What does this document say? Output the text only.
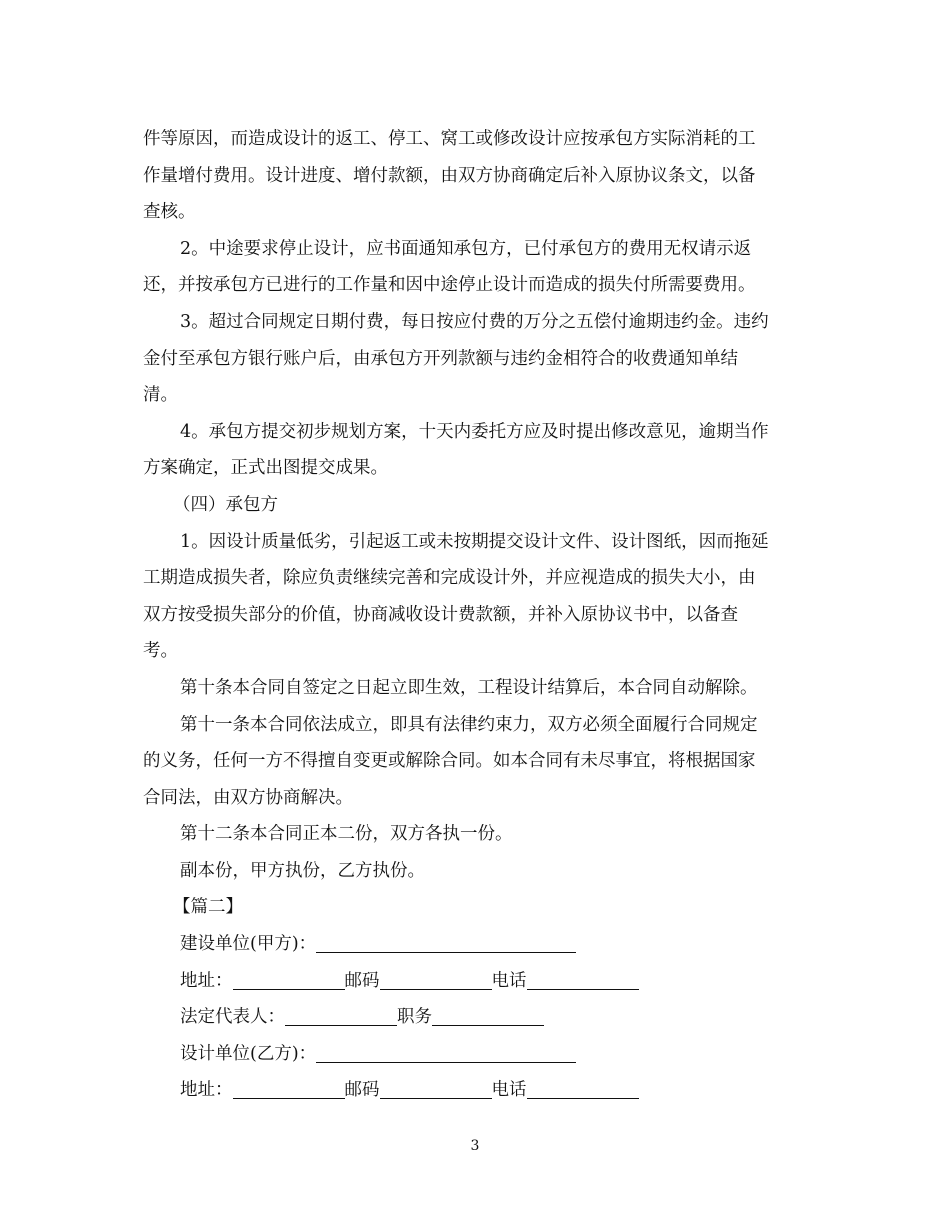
件等原因，而造成设计的返工、停工、窝工或修改设计应按承包方实际消耗的工

作量增付费用。设计进度、增付款额，由双方协商确定后补入原协议条文，以备

查核。

2。中途要求停止设计，应书面通知承包方，已付承包方的费用无权请示返

还，并按承包方已进行的工作量和因中途停止设计而造成的损失付所需要费用。

3。超过合同规定日期付费，每日按应付费的万分之五偿付逾期违约金。违约

金付至承包方银行账户后，由承包方开列款额与违约金相符合的收费通知单结

清。

4。承包方提交初步规划方案，十天内委托方应及时提出修改意见，逾期当作

方案确定，正式出图提交成果。

（四）承包方

1。因设计质量低劣，引起返工或未按期提交设计文件、设计图纸，因而拖延

工期造成损失者，除应负责继续完善和完成设计外，并应视造成的损失大小，由

双方按受损失部分的价值，协商减收设计费款额，并补入原协议书中，以备查

考。

第十条本合同自签定之日起立即生效，工程设计结算后，本合同自动解除。

第十一条本合同依法成立，即具有法律约束力，双方必须全面履行合同规定

的义务，任何一方不得擅自变更或解除合同。如本合同有未尽事宜，将根据国家

合同法，由双方协商解决。

第十二条本合同正本二份，双方各执一份。

副本份，甲方执份，乙方执份。

【篇二】

建设单位(甲方)：

地址：	邮码	电话

法定代表人：	职务

设计单位(乙方)：

地址：	邮码	电话

3
